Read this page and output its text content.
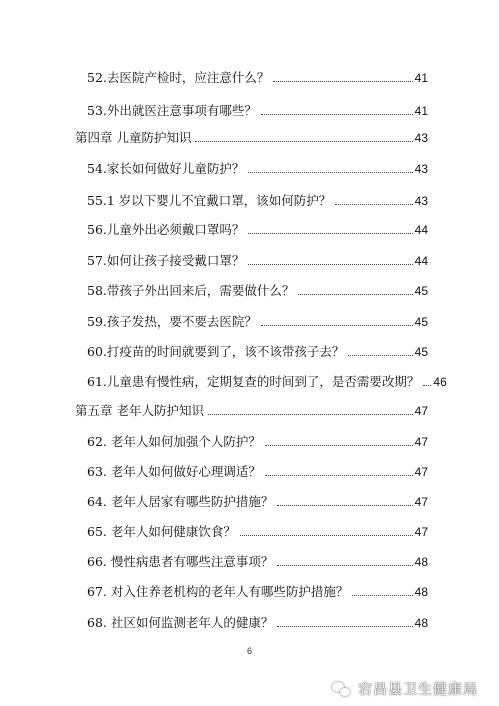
52.去医院产检时，应注意什么？	41
53.外出就医注意事项有哪些？	41
第四章 儿童防护知识	43
54.家长如何做好儿童防护？	43
55.1 岁以下婴儿不宜戴口罩，该如何防护？	43
56.儿童外出必须戴口罩吗？	44
57.如何让孩子接受戴口罩？	44
58.带孩子外出回来后，需要做什么？	45
59.孩子发热，要不要去医院？	45
60.打疫苗的时间就要到了，该不该带孩子去？	45
61.儿童患有慢性病，定期复查的时间到了，是否需要改期？ 46
第五章 老年人防护知识	47
62. 老年人如何加强个人防护？	47
63. 老年人如何做好心理调适？	47
64. 老年人居家有哪些防护措施？	47
65. 老年人如何健康饮食？	47
66. 慢性病患者有哪些注意事项？	48
67. 对入住养老机构的老年人有哪些防护措施？	48
68. 社区如何监测老年人的健康？	48
6
宕昌县卫生健康局
